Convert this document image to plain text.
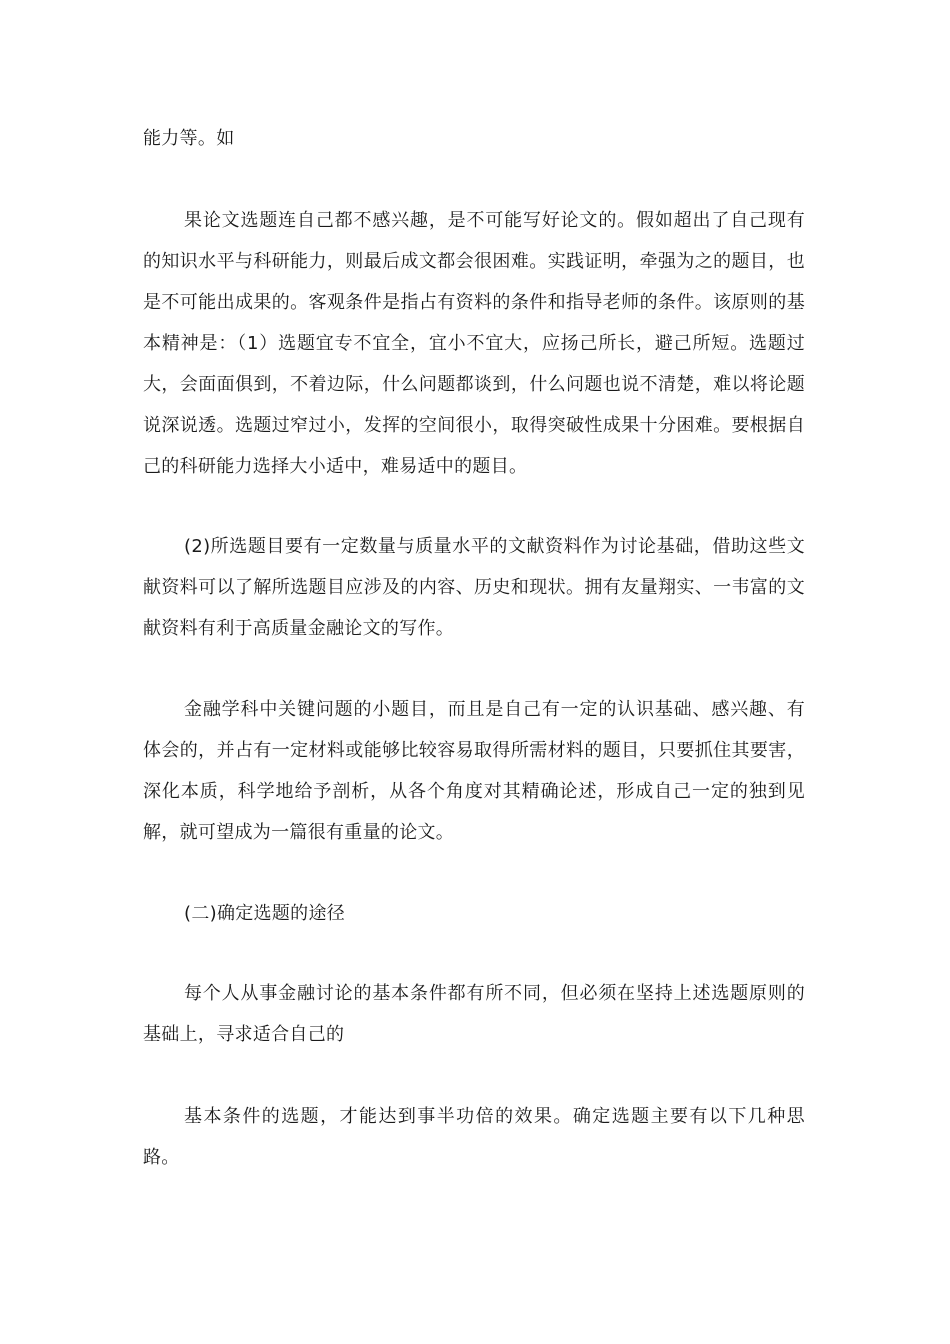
能力等。如

果论文选题连自己都不感兴趣，是不可能写好论文的。假如超出了自己现有的知识水平与科研能力，则最后成文都会很困难。实践证明，牵强为之的题目，也是不可能出成果的。客观条件是指占有资料的条件和指导老师的条件。该原则的基本精神是：（1）选题宜专不宜全，宜小不宜大，应扬己所长，避己所短。选题过大，会面面俱到，不着边际，什么问题都谈到，什么问题也说不清楚，难以将论题说深说透。选题过窄过小，发挥的空间很小，取得突破性成果十分困难。要根据自己的科研能力选择大小适中，难易适中的题目。

(2)所选题目要有一定数量与质量水平的文献资料作为讨论基础，借助这些文献资料可以了解所选题目应涉及的内容、历史和现状。拥有友量翔实、一韦富的文献资料有利于高质量金融论文的写作。

金融学科中关键问题的小题目，而且是自己有一定的认识基础、感兴趣、有体会的，并占有一定材料或能够比较容易取得所需材料的题目，只要抓住其要害，深化本质，科学地给予剖析，从各个角度对其精确论述，形成自己一定的独到见解，就可望成为一篇很有重量的论文。

(二)确定选题的途径

每个人从事金融讨论的基本条件都有所不同，但必须在坚持上述选题原则的基础上，寻求适合自己的

基本条件的选题，才能达到事半功倍的效果。确定选题主要有以下几种思路。
